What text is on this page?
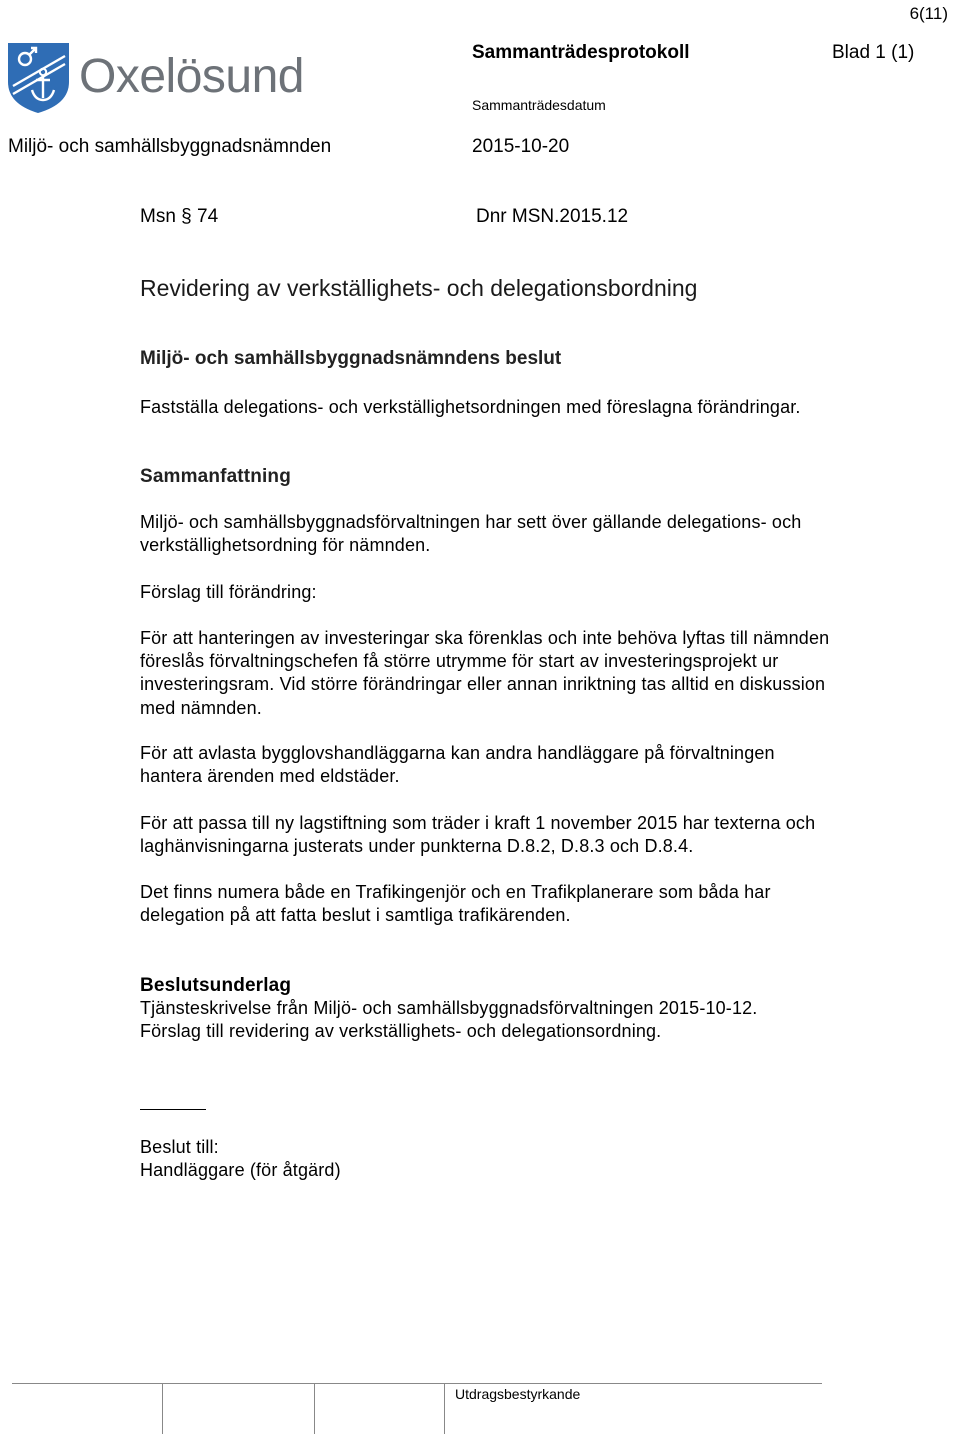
6(11)
Oxelösund	Sammanträdesprotokoll	Blad 1 (1)
Sammanträdesdatum
Miljö- och samhällsbyggnadsnämnden	2015-10-20
Msn § 74	Dnr MSN.2015.12
Revidering av verkställighets- och delegationsbordning
Miljö- och samhällsbyggnadsnämndens beslut
Fastställa delegations- och verkställighetsordningen med föreslagna förändringar.
Sammanfattning
Miljö- och samhällsbyggnadsförvaltningen har sett över gällande delegations- och
verkställighetsordning för nämnden.
Förslag till förändring:
För att hanteringen av investeringar ska förenklas och inte behöva lyftas till nämnden
föreslås förvaltningschefen få större utrymme för start av investeringsprojekt ur
investeringsram. Vid större förändringar eller annan inriktning tas alltid en diskussion
med nämnden.
För att avlasta bygglovshandläggarna kan andra handläggare på förvaltningen
hantera ärenden med eldstäder.
För att passa till ny lagstiftning som träder i kraft 1 november 2015 har texterna och
laghänvisningarna justerats under punkterna D.8.2, D.8.3 och D.8.4.
Det finns numera både en Trafikingenjör och en Trafikplanerare som båda har
delegation på att fatta beslut i samtliga trafikärenden.
Beslutsunderlag
Tjänsteskrivelse från Miljö- och samhällsbyggnadsförvaltningen 2015-10-12.
Förslag till revidering av verkställighets- och delegationsordning.
Beslut till:
Handläggare (för åtgärd)
Utdragsbestyrkande
